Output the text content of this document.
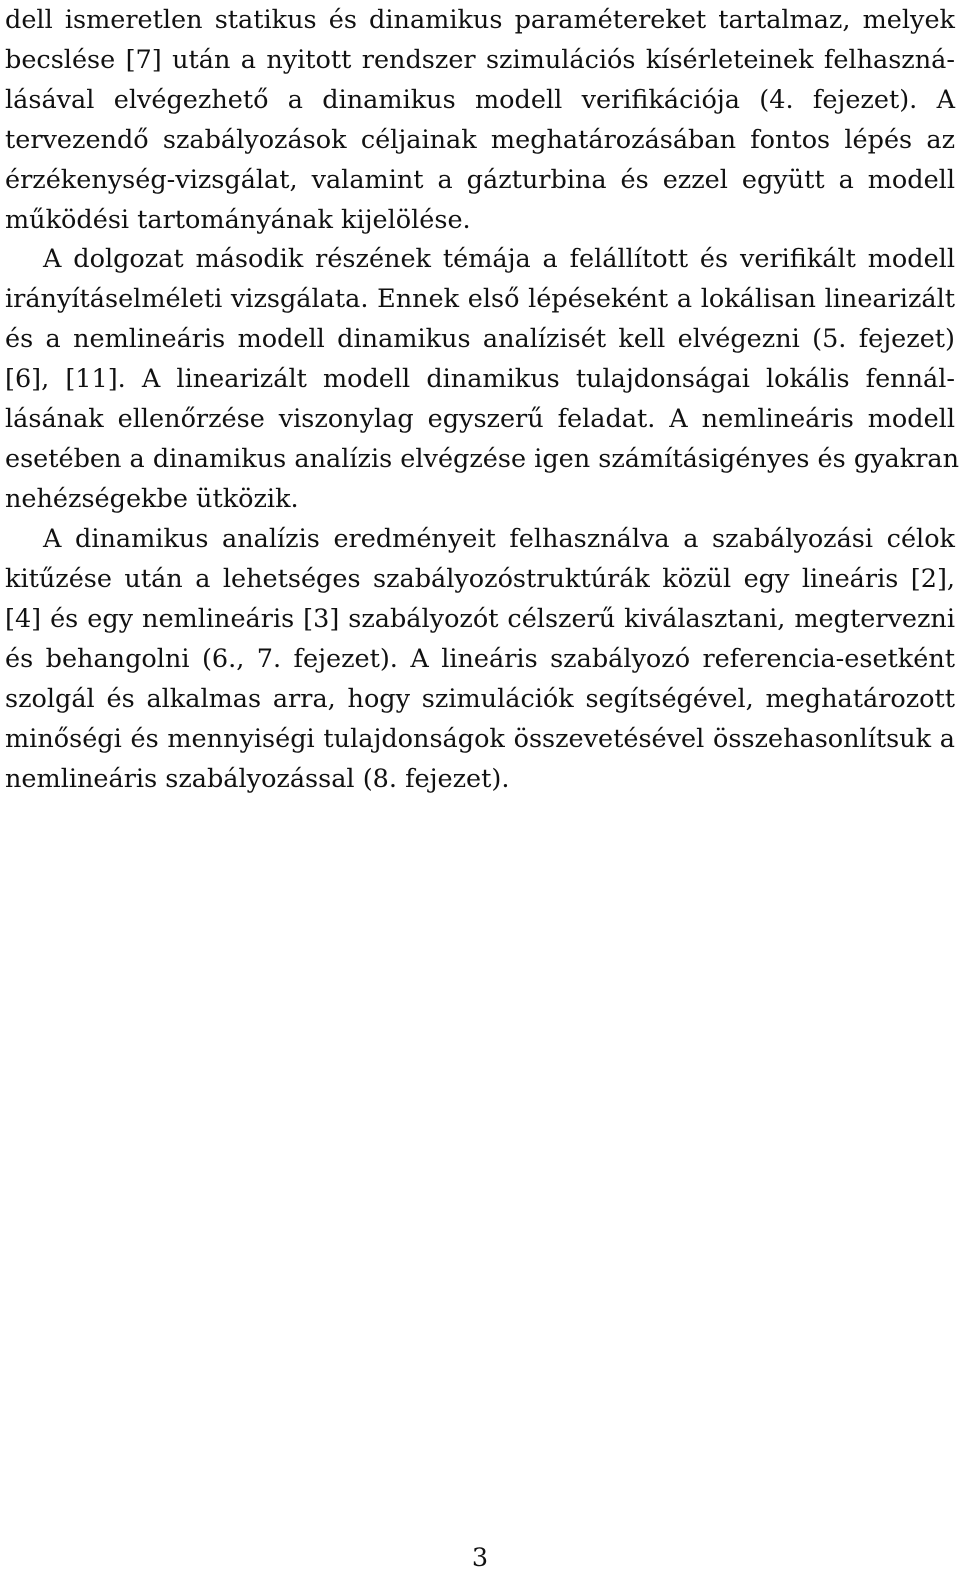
dell ismeretlen statikus és dinamikus paramétereket tartalmaz, melyek
becslése [7] után a nyitott rendszer szimulációs kísérleteinek felhaszná-
lásával elvégezhető a dinamikus modell verifikációja (4. fejezet). A
tervezendő szabályozások céljainak meghatározásában fontos lépés az
érzékenység-vizsgálat, valamint a gázturbina és ezzel együtt a modell
működési tartományának kijelölése.
A dolgozat második részének témája a felállított és verifikált modell
irányításelméleti vizsgálata. Ennek első lépéseként a lokálisan linearizált
és a nemlineáris modell dinamikus analízisét kell elvégezni (5. fejezet)
[6], [11]. A linearizált modell dinamikus tulajdonságai lokális fennál-
lásának ellenőrzése viszonylag egyszerű feladat. A nemlineáris modell
esetében a dinamikus analízis elvégzése igen számításigényes és gyakran
nehézségekbe ütközik.
A dinamikus analízis eredményeit felhasználva a szabályozási célok
kitűzése után a lehetséges szabályozóstruktúrák közül egy lineáris [2],
[4] és egy nemlineáris [3] szabályozót célszerű kiválasztani, megtervezni
és behangolni (6., 7. fejezet). A lineáris szabályozó referencia-esetként
szolgál és alkalmas arra, hogy szimulációk segítségével, meghatározott
minőségi és mennyiségi tulajdonságok összevetésével összehasonlítsuk a
nemlineáris szabályozással (8. fejezet).
3
